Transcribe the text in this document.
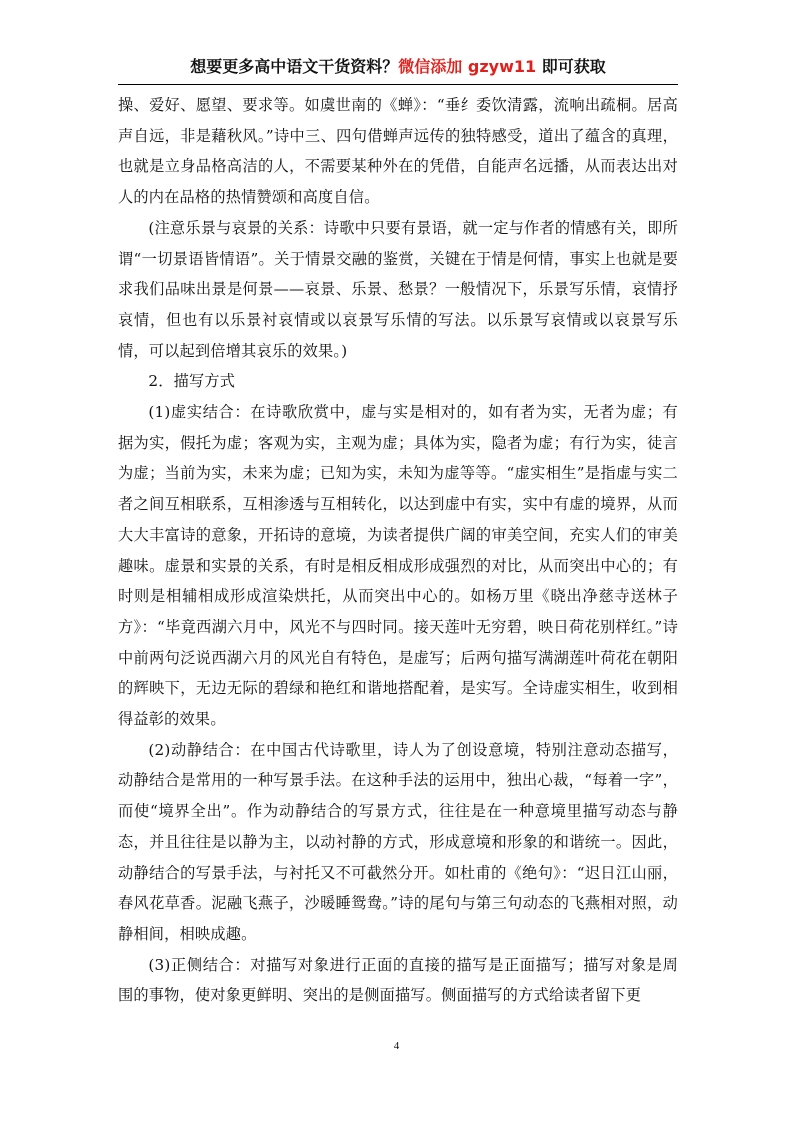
想要更多高中语文干货资料？微信添加 gzyw11 即可获取

操、爱好、愿望、要求等。如虞世南的《蝉》：“垂纟委饮清露，流响出疏桐。居高声自远，非是藉秋风。”诗中三、四句借蝉声远传的独特感受，道出了蕴含的真理，也就是立身品格高洁的人，不需要某种外在的凭借，自能声名远播，从而表达出对人的内在品格的热情赞颂和高度自信。

(注意乐景与哀景的关系：诗歌中只要有景语，就一定与作者的情感有关，即所谓“一切景语皆情语”。关于情景交融的鉴赏，关键在于情是何情，事实上也就是要求我们品味出景是何景——哀景、乐景、愁景？一般情况下，乐景写乐情，哀情抒哀情，但也有以乐景衬哀情或以哀景写乐情的写法。以乐景写哀情或以哀景写乐情，可以起到倍增其哀乐的效果。)

2．描写方式

(1)虚实结合：在诗歌欣赏中，虚与实是相对的，如有者为实，无者为虚；有据为实，假托为虚；客观为实，主观为虚；具体为实，隐者为虚；有行为实，徒言为虚；当前为实，未来为虚；已知为实，未知为虚等等。“虚实相生”是指虚与实二者之间互相联系，互相渗透与互相转化，以达到虚中有实，实中有虚的境界，从而大大丰富诗的意象，开拓诗的意境，为读者提供广阔的审美空间，充实人们的审美趣味。虚景和实景的关系，有时是相反相成形成强烈的对比，从而突出中心的；有时则是相辅相成形成渲染烘托，从而突出中心的。如杨万里《晓出净慈寺送林子方》：“毕竟西湖六月中，风光不与四时同。接天莲叶无穷碧，映日荷花别样红。”诗中前两句泛说西湖六月的风光自有特色，是虚写；后两句描写满湖莲叶荷花在朝阳的辉映下，无边无际的碧绿和艳红和谐地搭配着，是实写。全诗虚实相生，收到相得益彰的效果。

(2)动静结合：在中国古代诗歌里，诗人为了创设意境，特别注意动态描写，动静结合是常用的一种写景手法。在这种手法的运用中，独出心裁，“每着一字”，而使“境界全出”。作为动静结合的写景方式，往往是在一种意境里描写动态与静态，并且往往是以静为主，以动衬静的方式，形成意境和形象的和谐统一。因此，动静结合的写景手法，与衬托又不可截然分开。如杜甫的《绝句》：“迟日江山丽，春风花草香。泥融飞燕子，沙暖睡鸳鸯。”诗的尾句与第三句动态的飞燕相对照，动静相间，相映成趣。

(3)正侧结合：对描写对象进行正面的直接的描写是正面描写；描写对象是周围的事物，使对象更鲜明、突出的是侧面描写。侧面描写的方式给读者留下更

4
